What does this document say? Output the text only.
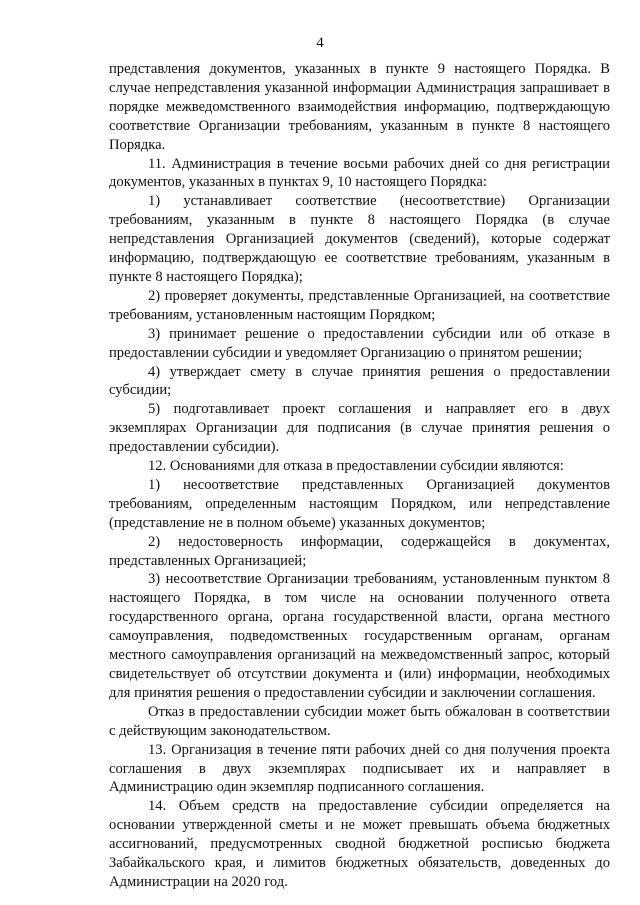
4

представления документов, указанных в пункте 9 настоящего Порядка. В случае непредставления указанной информации Администрация запрашивает в порядке межведомственного взаимодействия информацию, подтверждающую соответствие Организации требованиям, указанным в пункте 8 настоящего Порядка.

11. Администрация в течение восьми рабочих дней со дня регистрации документов, указанных в пунктах 9, 10 настоящего Порядка:

1) устанавливает соответствие (несоответствие) Организации требованиям, указанным в пункте 8 настоящего Порядка (в случае непредставления Организацией документов (сведений), которые содержат информацию, подтверждающую ее соответствие требованиям, указанным в пункте 8 настоящего Порядка);

2) проверяет документы, представленные Организацией, на соответствие требованиям, установленным настоящим Порядком;

3) принимает решение о предоставлении субсидии или об отказе в предоставлении субсидии и уведомляет Организацию о принятом решении;

4) утверждает смету в случае принятия решения о предоставлении субсидии;

5) подготавливает проект соглашения и направляет его в двух экземплярах Организации для подписания (в случае принятия решения о предоставлении субсидии).

12. Основаниями для отказа в предоставлении субсидии являются:

1) несоответствие представленных Организацией документов требованиям, определенным настоящим Порядком, или непредставление (представление не в полном объеме) указанных документов;

2) недостоверность информации, содержащейся в документах, представленных Организацией;

3) несоответствие Организации требованиям, установленным пунктом 8 настоящего Порядка, в том числе на основании полученного ответа государственного органа, органа государственной власти, органа местного самоуправления, подведомственных государственным органам, органам местного самоуправления организаций на межведомственный запрос, который свидетельствует об отсутствии документа и (или) информации, необходимых для принятия решения о предоставлении субсидии и заключении соглашения.

Отказ в предоставлении субсидии может быть обжалован в соответствии с действующим законодательством.

13. Организация в течение пяти рабочих дней со дня получения проекта соглашения в двух экземплярах подписывает их и направляет в Администрацию один экземпляр подписанного соглашения.

14. Объем средств на предоставление субсидии определяется на основании утвержденной сметы и не может превышать объема бюджетных ассигнований, предусмотренных сводной бюджетной росписью бюджета Забайкальского края, и лимитов бюджетных обязательств, доведенных до Администрации на 2020 год.
